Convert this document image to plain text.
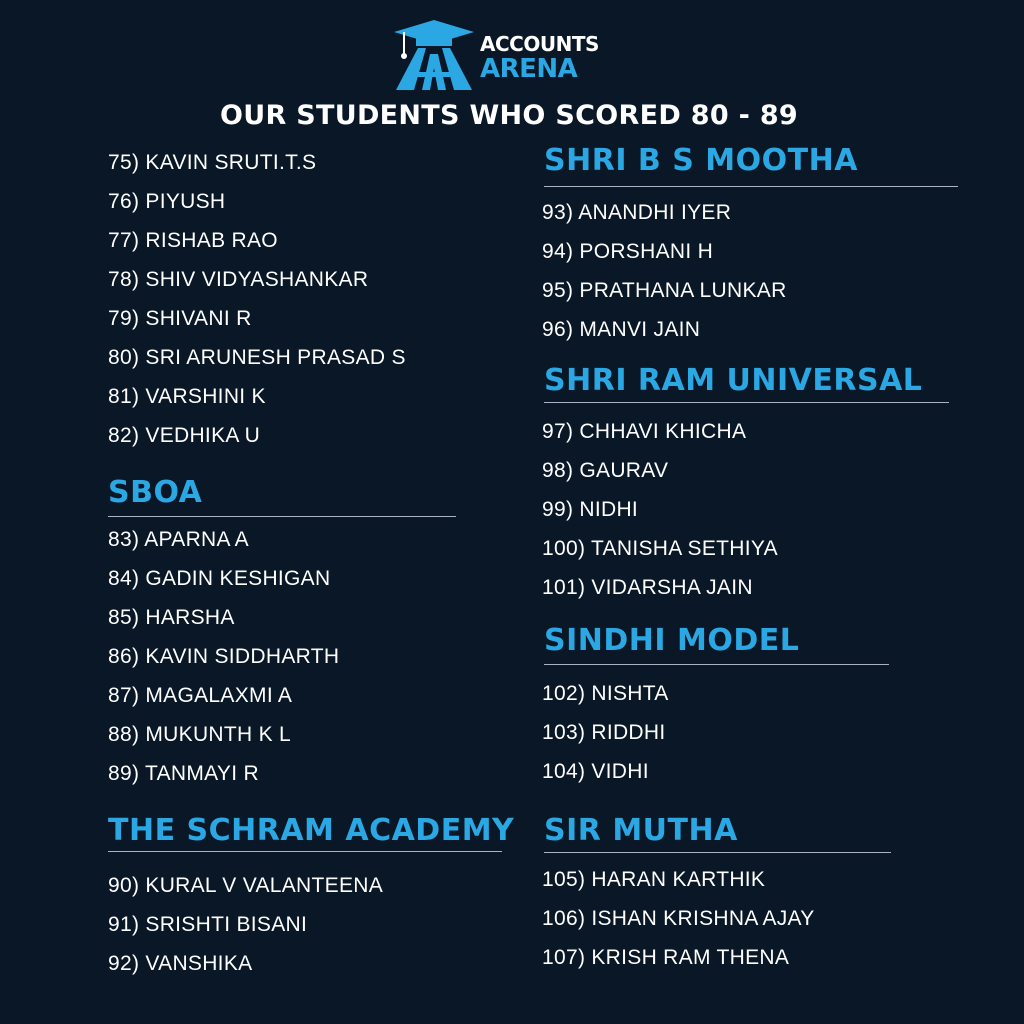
ACCOUNTS
ARENA
OUR STUDENTS WHO SCORED 80 - 89
75) KAVIN SRUTI.T.S
76) PIYUSH
77) RISHAB RAO
78) SHIV VIDYASHANKAR
79) SHIVANI R
80) SRI ARUNESH PRASAD S
81) VARSHINI K
82) VEDHIKA U
SBOA
83) APARNA A
84) GADIN KESHIGAN
85) HARSHA
86) KAVIN SIDDHARTH
87) MAGALAXMI A
88) MUKUNTH K L
89) TANMAYI R
THE SCHRAM ACADEMY
90) KURAL V VALANTEENA
91) SRISHTI BISANI
92) VANSHIKA
SHRI B S MOOTHA
93) ANANDHI IYER
94) PORSHANI H
95) PRATHANA LUNKAR
96) MANVI JAIN
SHRI RAM UNIVERSAL
97) CHHAVI KHICHA
98) GAURAV
99) NIDHI
100) TANISHA SETHIYA
101) VIDARSHA JAIN
SINDHI MODEL
102) NISHTA
103) RIDDHI
104) VIDHI
SIR MUTHA
105) HARAN KARTHIK
106) ISHAN KRISHNA AJAY
107) KRISH RAM THENA
